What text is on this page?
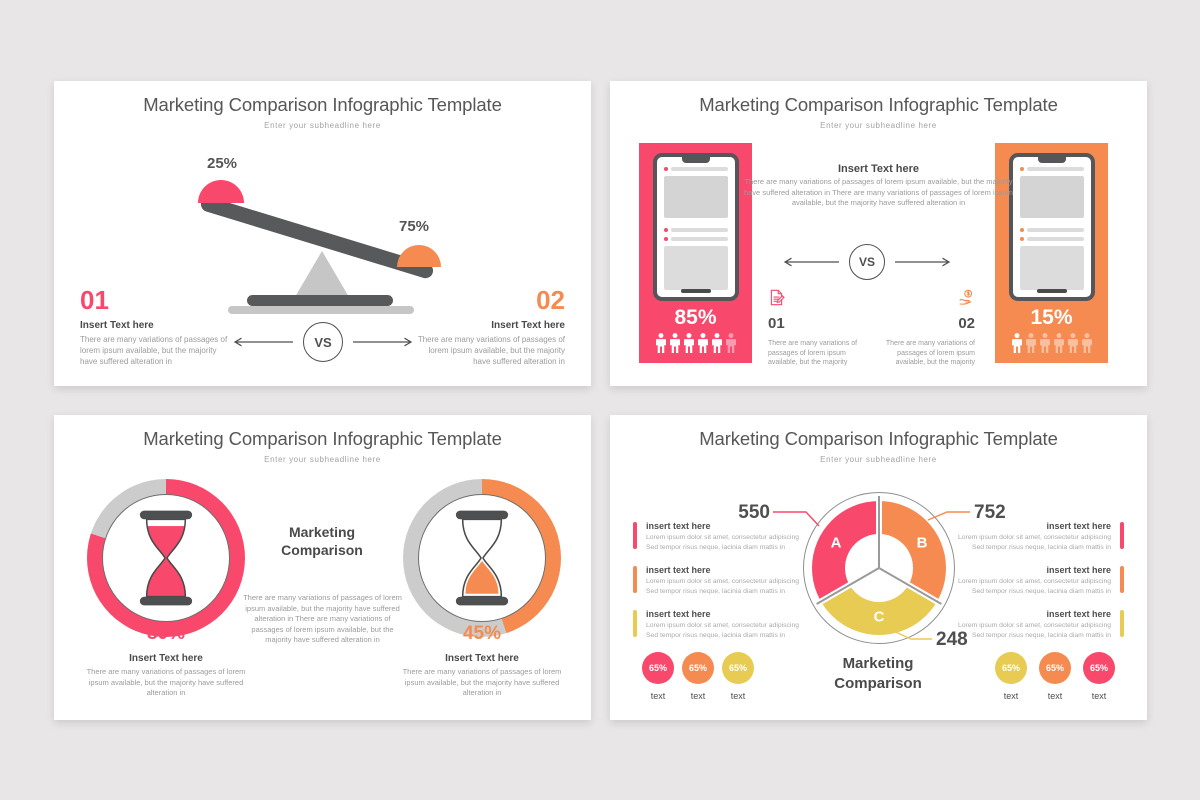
Marketing Comparison Infographic Template
Enter your subheadline here
25%
75%
VS
01
Insert Text here
There are many variations of passages of lorem ipsum available, but the majority have suffered alteration in
02
Insert Text here
There are many variations of passages of lorem ipsum available, but the majority have suffered alteration in
Marketing Comparison Infographic Template
Enter your subheadline here
85%	15%
Insert Text here
There are many variations of passages of lorem ipsum available, but the majority have suffered alteration in There are many variations of passages of lorem ipsum available, but the majority have suffered alteration in
VS
01
There are many variations of passages of lorem ipsum available, but the majority
02
There are many variations of passages of lorem ipsum available, but the majority
Marketing Comparison Infographic Template
Enter your subheadline here
80%
Insert Text here
There are many variations of passages of lorem ipsum available, but the majority have suffered alteration in
45%
Insert Text here
There are many variations of passages of lorem ipsum available, but the majority have suffered alteration in
Marketing Comparison
There are many variations of passages of lorem ipsum available, but the majority have suffered alteration in There are many variations of passages of lorem ipsum available, but the majority have suffered alteration in
Marketing Comparison Infographic Template
Enter your subheadline here
A	B
C
550	752
248
insert text here
Lorem ipsum dolor sit amet, consectetur adipiscing Sed tempor risus neque, lacinia diam mattis in
insert text here
Lorem ipsum dolor sit amet, consectetur adipiscing Sed tempor risus neque, lacinia diam mattis in
insert text here
Lorem ipsum dolor sit amet, consectetur adipiscing Sed tempor risus neque, lacinia diam mattis in
insert text here
Lorem ipsum dolor sit amet, consectetur adipiscing Sed tempor risus neque, lacinia diam mattis in
insert text here
Lorem ipsum dolor sit amet, consectetur adipiscing Sed tempor risus neque, lacinia diam mattis in
insert text here
Lorem ipsum dolor sit amet, consectetur adipiscing Sed tempor risus neque, lacinia diam mattis in
65%
text
65%
text
65%
text
65%
text
65%
text
65%
text
Marketing Comparison
